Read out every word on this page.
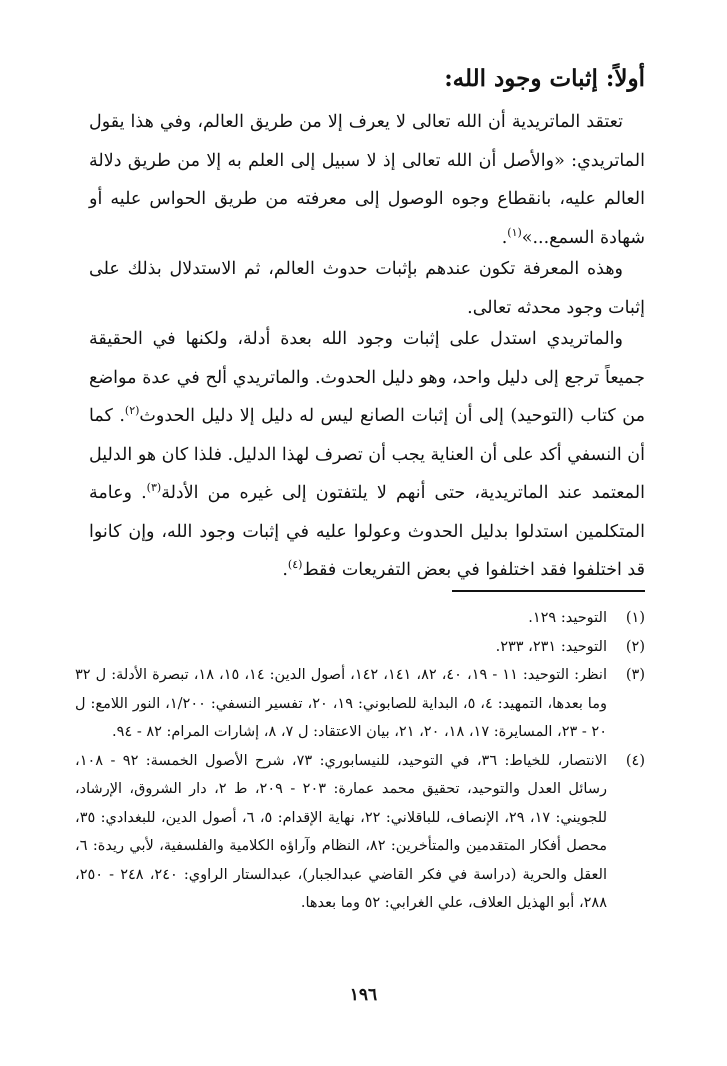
أولاً: إثبات وجود الله:

تعتقد الماتريدية أن الله تعالى لا يعرف إلا من طريق العالم، وفي هذا يقول الماتريدي: «والأصل أن الله تعالى إذ لا سبيل إلى العلم به إلا من طريق دلالة العالم عليه، بانقطاع وجوه الوصول إلى معرفته من طريق الحواس عليه أو شهادة السمع...»$^{(١)}$.

وهذه المعرفة تكون عندهم بإثبات حدوث العالم، ثم الاستدلال بذلك على إثبات وجود محدثه تعالى.

والماتريدي استدل على إثبات وجود الله بعدة أدلة، ولكنها في الحقيقة جميعاً ترجع إلى دليل واحد، وهو دليل الحدوث. والماتريدي ألح في عدة مواضع من كتاب (التوحيد) إلى أن إثبات الصانع ليس له دليل إلا دليل الحدوث$^{(٢)}$. كما أن النسفي أكد على أن العناية يجب أن تصرف لهذا الدليل. فلذا كان هو الدليل المعتمد عند الماتريدية، حتى أنهم لا يلتفتون إلى غيره من الأدلة$^{(٣)}$. وعامة المتكلمين استدلوا بدليل الحدوث وعولوا عليه في إثبات وجود الله، وإن كانوا قد اختلفوا فقد اختلفوا في بعض التفريعات فقط$^{(٤)}$.

(١)
التوحيد: ١٢٩.
(٢)
التوحيد: ٢٣١، ٢٣٣.
(٣)
انظر: التوحيد: ١١ - ١٩، ٤٠، ٨٢، ١٤١، ١٤٢، أصول الدين: ١٤، ١٥، ١٨، تبصرة الأدلة: ل ٣٢ وما بعدها، التمهيد: ٤، ٥، البداية للصابوني: ١٩، ٢٠، تفسير النسفي: ١/٢٠٠، النور اللامع: ل ٢٠ - ٢٣، المسايرة: ١٧، ١٨، ٢٠، ٢١، بيان الاعتقاد: ل ٧، ٨، إشارات المرام: ٨٢ - ٩٤.
(٤)
الانتصار، للخياط: ٣٦، في التوحيد، للنيسابوري: ٧٣، شرح الأصول الخمسة: ٩٢ - ١٠٨، رسائل العدل والتوحيد، تحقيق محمد عمارة: ٢٠٣ - ٢٠٩، ط ٢، دار الشروق، الإرشاد، للجويني: ١٧، ٢٩، الإنصاف، للباقلاني: ٢٢، نهاية الإقدام: ٥، ٦، أصول الدين، للبغدادي: ٣٥، محصل أفكار المتقدمين والمتأخرين: ٨٢، النظام وآراؤه الكلامية والفلسفية، لأبي ريدة: ٦، العقل والحرية (دراسة في فكر القاضي عبدالجبار)، عبدالستار الراوي: ٢٤٠، ٢٤٨ - ٢٥٠، ٢٨٨، أبو الهذيل العلاف، علي الغرابي: ٥٢ وما بعدها.
١٩٦
